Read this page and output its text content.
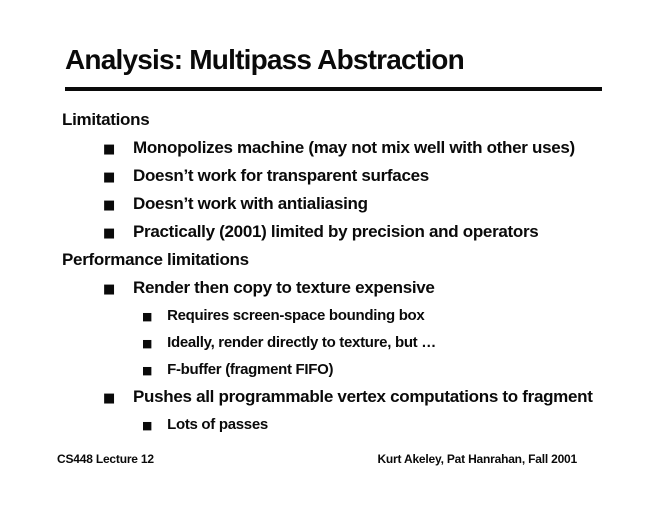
Analysis: Multipass Abstraction
Limitations
■ Monopolizes machine (may not mix well with other uses)
■ Doesn’t work for transparent surfaces
■ Doesn’t work with antialiasing
■ Practically (2001) limited by precision and operators
Performance limitations
■ Render then copy to texture expensive
■ Requires screen-space bounding box
■ Ideally, render directly to texture, but …
■ F-buffer (fragment FIFO)
■ Pushes all programmable vertex computations to fragment
■ Lots of passes
CS448 Lecture 12	Kurt Akeley, Pat Hanrahan, Fall 2001
